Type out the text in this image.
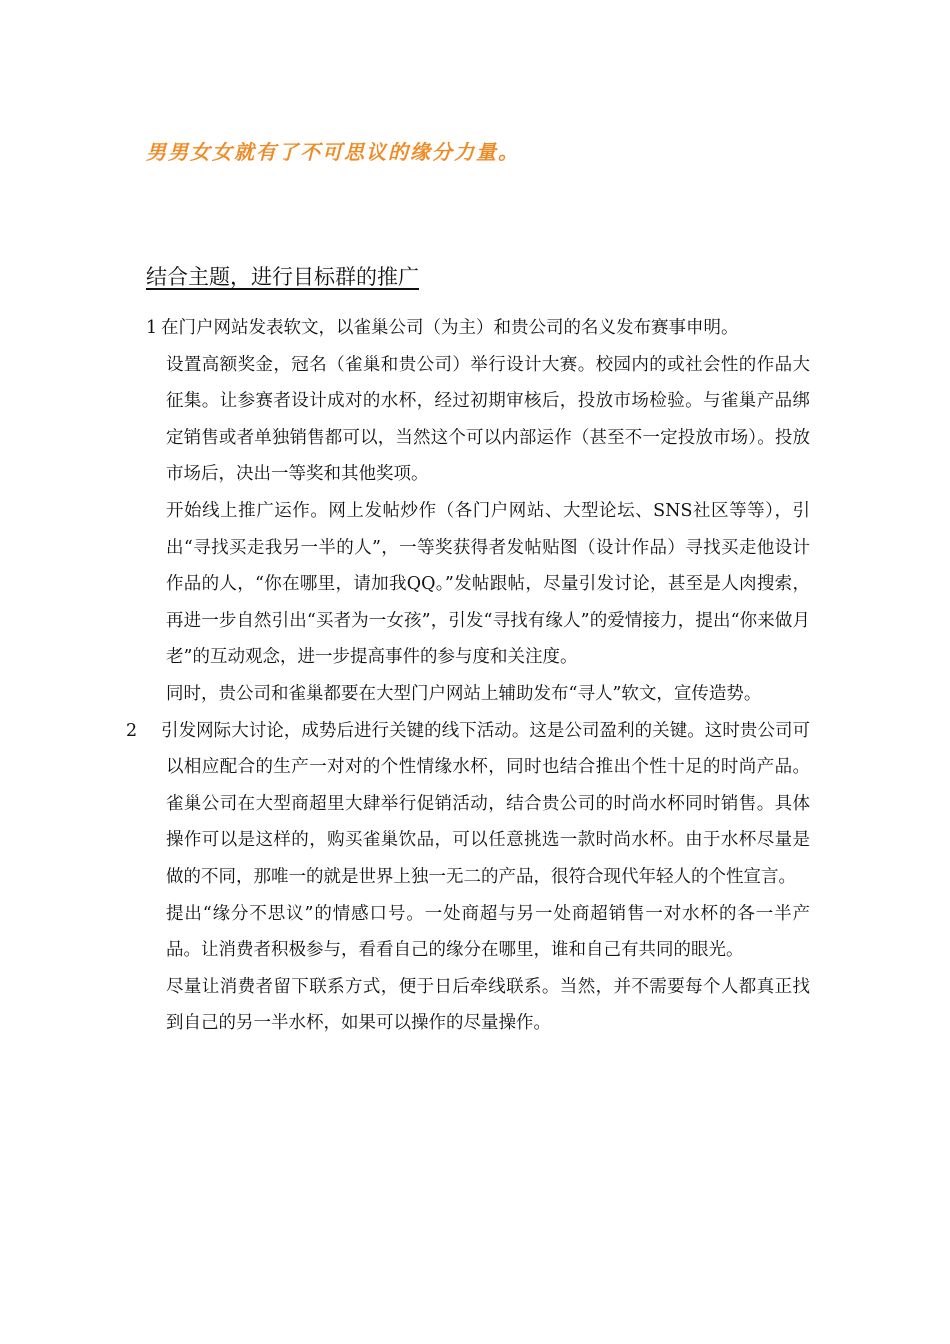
男男女女就有了不可思议的缘分力量。
结合主题，进行目标群的推广

1 在门户网站发表软文，以雀巢公司（为主）和贵公司的名义发布赛事申明。

设置高额奖金，冠名（雀巢和贵公司）举行设计大赛。校园内的或社会性的作品大征集。让参赛者设计成对的水杯，经过初期审核后，投放市场检验。与雀巢产品绑定销售或者单独销售都可以，当然这个可以内部运作（甚至不一定投放市场）。投放市场后，决出一等奖和其他奖项。

开始线上推广运作。网上发帖炒作（各门户网站、大型论坛、SNS社区等等），引出“寻找买走我另一半的人”，一等奖获得者发帖贴图（设计作品）寻找买走他设计作品的人，“你在哪里，请加我QQ。”发帖跟帖，尽量引发讨论，甚至是人肉搜索，再进一步自然引出“买者为一女孩”，引发“寻找有缘人”的爱情接力，提出“你来做月老”的互动观念，进一步提高事件的参与度和关注度。

同时，贵公司和雀巢都要在大型门户网站上辅助发布“寻人”软文，宣传造势。

2 引发网际大讨论，成势后进行关键的线下活动。这是公司盈利的关键。这时贵公司可以相应配合的生产一对对的个性情缘水杯，同时也结合推出个性十足的时尚产品。雀巢公司在大型商超里大肆举行促销活动，结合贵公司的时尚水杯同时销售。具体操作可以是这样的，购买雀巢饮品，可以任意挑选一款时尚水杯。由于水杯尽量是做的不同，那唯一的就是世界上独一无二的产品，很符合现代年轻人的个性宣言。

提出“缘分不思议”的情感口号。一处商超与另一处商超销售一对水杯的各一半产品。让消费者积极参与，看看自己的缘分在哪里，谁和自己有共同的眼光。

尽量让消费者留下联系方式，便于日后牵线联系。当然，并不需要每个人都真正找到自己的另一半水杯，如果可以操作的尽量操作。
